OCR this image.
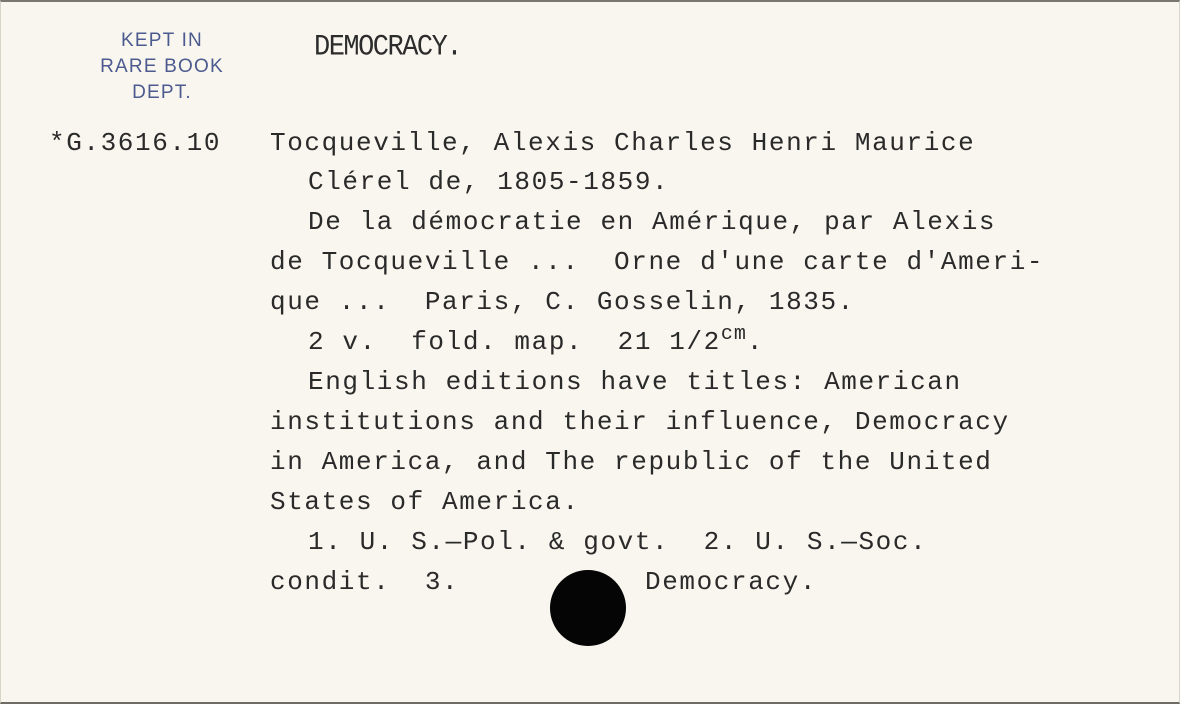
KEPT IN
RARE BOOK
DEPT.
DEMOCRACY.
*G.3616.10 Tocqueville, Alexis Charles Henri Maurice
Clérel de, 1805-1859.
De la démocratie en Amérique, par Alexis
de Tocqueville ...  Orne d'une carte d'Ameri-
que ...  Paris, C. Gosselin, 1835.
2 v.  fold. map.  21 $1/2^{cm}$.
English editions have titles: American
institutions and their influence, Democracy
in America, and The republic of the United
States of America.
1. U. S.—Pol. & govt.  2. U. S.—Soc.
condit.  3.	Democracy.
